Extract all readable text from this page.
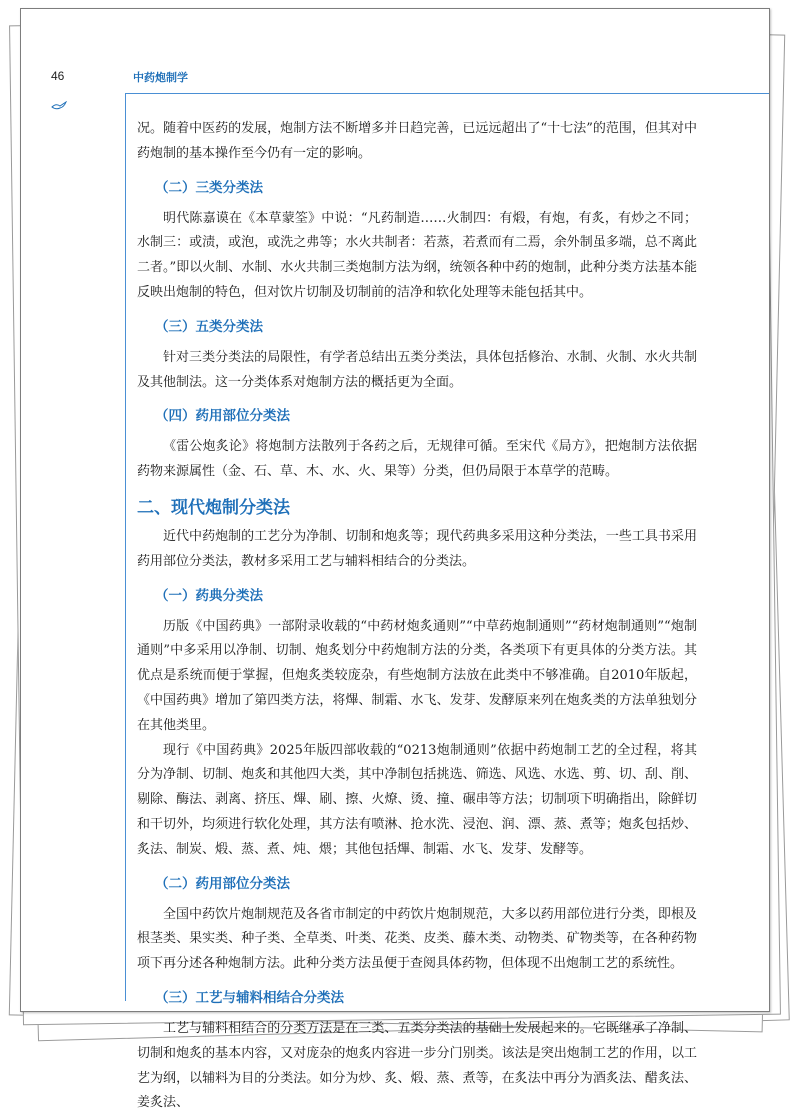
46	中药炮制学

况。随着中医药的发展，炮制方法不断增多并日趋完善，已远远超出了“十七法”的范围，但其对中药炮制的基本操作至今仍有一定的影响。

（二）三类分类法

明代陈嘉谟在《本草蒙筌》中说：“凡药制造……火制四：有煅，有炮，有炙，有炒之不同；水制三：或渍，或泡，或洗之弗等；水火共制者：若蒸，若煮而有二焉，余外制虽多端，总不离此二者。”即以火制、水制、水火共制三类炮制方法为纲，统领各种中药的炮制，此种分类方法基本能反映出炮制的特色，但对饮片切制及切制前的洁净和软化处理等未能包括其中。

（三）五类分类法

针对三类分类法的局限性，有学者总结出五类分类法，具体包括修治、水制、火制、水火共制及其他制法。这一分类体系对炮制方法的概括更为全面。

（四）药用部位分类法

《雷公炮炙论》将炮制方法散列于各药之后，无规律可循。至宋代《局方》，把炮制方法依据药物来源属性（金、石、草、木、水、火、果等）分类，但仍局限于本草学的范畴。

二、现代炮制分类法

近代中药炮制的工艺分为净制、切制和炮炙等；现代药典多采用这种分类法，一些工具书采用药用部位分类法，教材多采用工艺与辅料相结合的分类法。

（一）药典分类法

历版《中国药典》一部附录收载的“中药材炮炙通则”“中草药炮制通则”“药材炮制通则”“炮制通则”中多采用以净制、切制、炮炙划分中药炮制方法的分类，各类项下有更具体的分类方法。其优点是系统而便于掌握，但炮炙类较庞杂，有些炮制方法放在此类中不够准确。自2010年版起，《中国药典》增加了第四类方法，将熚、制霜、水飞、发芽、发酵原来列在炮炙类的方法单独划分在其他类里。

现行《中国药典》2025年版四部收载的“0213炮制通则”依据中药炮制工艺的全过程，将其分为净制、切制、炮炙和其他四大类，其中净制包括挑选、筛选、风选、水选、剪、切、刮、削、剔除、酶法、剥离、挤压、熚、刷、擦、火燎、烫、撞、碾串等方法；切制项下明确指出，除鲜切和干切外，均须进行软化处理，其方法有喷淋、抢水洗、浸泡、润、漂、蒸、煮等；炮炙包括炒、炙法、制炭、煅、蒸、煮、炖、煨；其他包括熚、制霜、水飞、发芽、发酵等。

（二）药用部位分类法

全国中药饮片炮制规范及各省市制定的中药饮片炮制规范，大多以药用部位进行分类，即根及根茎类、果实类、种子类、全草类、叶类、花类、皮类、藤木类、动物类、矿物类等，在各种药物项下再分述各种炮制方法。此种分类方法虽便于查阅具体药物，但体现不出炮制工艺的系统性。

（三）工艺与辅料相结合分类法

工艺与辅料相结合的分类方法是在三类、五类分类法的基础上发展起来的。它既继承了净制、切制和炮炙的基本内容，又对庞杂的炮炙内容进一步分门别类。该法是突出炮制工艺的作用，以工艺为纲，以辅料为目的分类法。如分为炒、炙、煅、蒸、煮等，在炙法中再分为酒炙法、醋炙法、姜炙法、
